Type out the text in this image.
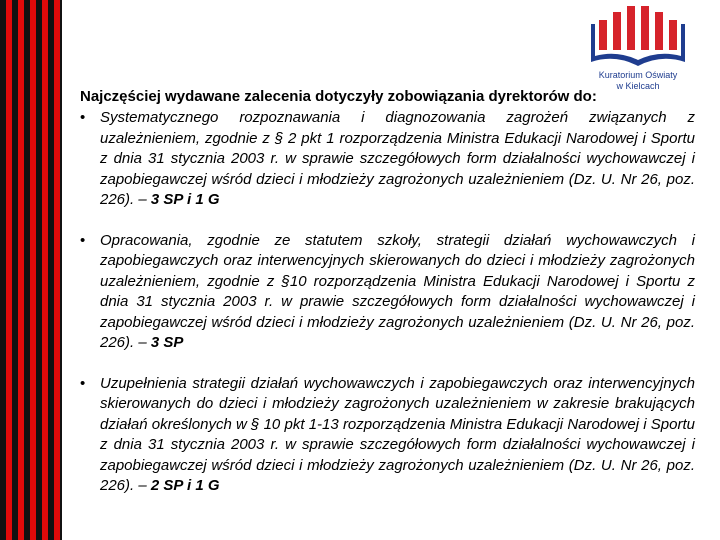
Kuratorium Oświaty
w Kielcach
Najczęściej wydawane zalecenia dotyczyły zobowiązania dyrektorów do:
• Systematycznego rozpoznawania i diagnozowania zagrożeń związanych z uzależnieniem, zgodnie z § 2 pkt 1 rozporządzenia Ministra Edukacji Narodowej i Sportu z dnia 31 stycznia 2003 r. w sprawie szczegółowych form działalności wychowawczej i zapobiegawczej wśród dzieci i młodzieży zagrożonych uzależnieniem (Dz. U. Nr 26, poz. 226). – 3 SP i 1 G
• Opracowania, zgodnie ze statutem szkoły, strategii działań wychowawczych i zapobiegawczych oraz interwencyjnych skierowanych do dzieci i młodzieży zagrożonych uzależnieniem, zgodnie z §10 rozporządzenia Ministra Edukacji Narodowej i Sportu z dnia 31 stycznia 2003 r. w prawie szczegółowych form działalności wychowawczej i zapobiegawczej wśród dzieci i młodzieży zagrożonych uzależnieniem (Dz. U. Nr 26, poz. 226). – 3 SP
• Uzupełnienia strategii działań wychowawczych i zapobiegawczych oraz interwencyjnych skierowanych do dzieci i młodzieży zagrożonych uzależnieniem w zakresie brakujących działań określonych w § 10 pkt 1-13 rozporządzenia Ministra Edukacji Narodowej i Sportu z dnia 31 stycznia 2003 r. w sprawie szczegółowych form działalności wychowawczej i zapobiegawczej wśród dzieci i młodzieży zagrożonych uzależnieniem (Dz. U. Nr 26, poz. 226). – 2 SP i 1 G
